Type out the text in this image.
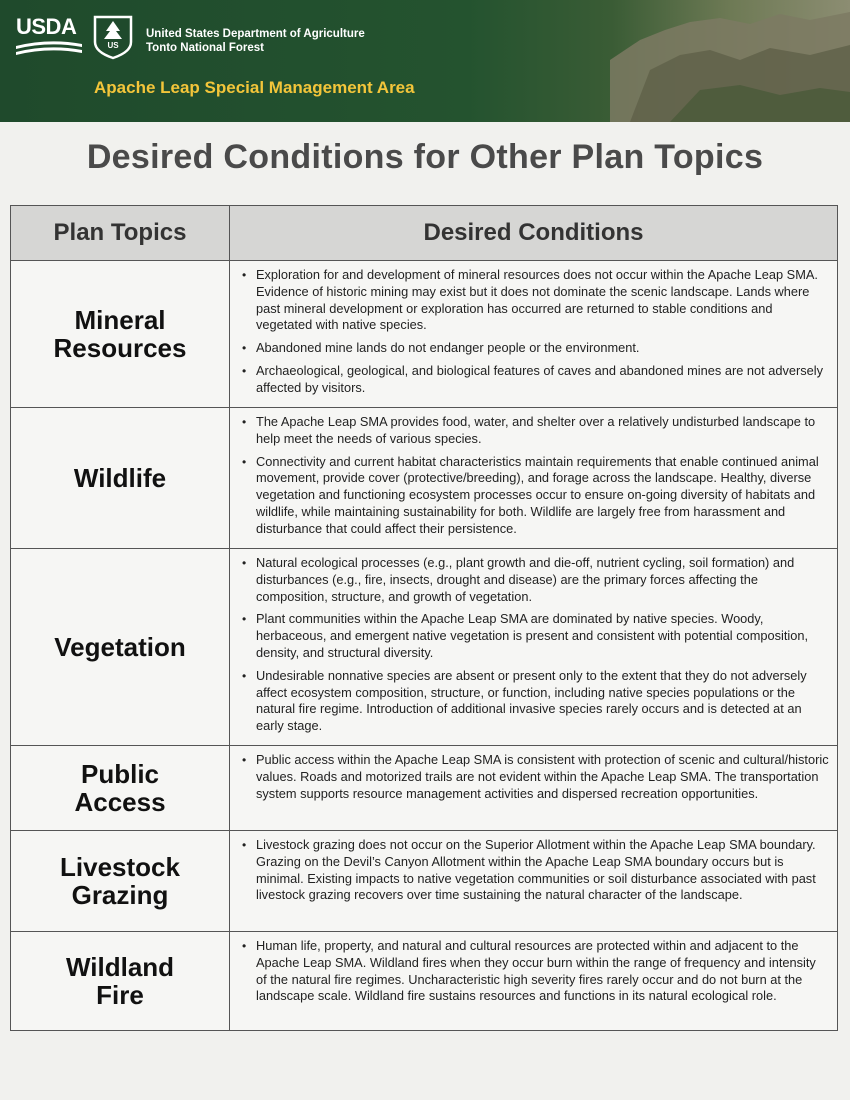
USDA
US
United States Department of Agriculture
Tonto National Forest
Apache Leap Special Management Area
Desired Conditions for Other Plan Topics
Plan Topics	Desired Conditions
Mineral Resources
• Exploration for and development of mineral resources does not occur within the Apache Leap SMA. Evidence of historic mining may exist but it does not dominate the scenic landscape. Lands where past mineral development or exploration has occurred are returned to stable conditions and vegetated with native species.
• Abandoned mine lands do not endanger people or the environment.
• Archaeological, geological, and biological features of caves and abandoned mines are not adversely affected by visitors.
Wildlife
• The Apache Leap SMA provides food, water, and shelter over a relatively undisturbed landscape to help meet the needs of various species.
• Connectivity and current habitat characteristics maintain requirements that enable continued animal movement, provide cover (protective/breeding), and forage across the landscape. Healthy, diverse vegetation and functioning ecosystem processes occur to ensure on-going diversity of habitats and wildlife, while maintaining sustainability for both. Wildlife are largely free from harassment and disturbance that could affect their persistence.
Vegetation
• Natural ecological processes (e.g., plant growth and die-off, nutrient cycling, soil formation) and disturbances (e.g., fire, insects, drought and disease) are the primary forces affecting the composition, structure, and growth of vegetation.
• Plant communities within the Apache Leap SMA are dominated by native species. Woody, herbaceous, and emergent native vegetation is present and consistent with potential composition, density, and structural diversity.
• Undesirable nonnative species are absent or present only to the extent that they do not adversely affect ecosystem composition, structure, or function, including native species populations or the natural fire regime. Introduction of additional invasive species rarely occurs and is detected at an early stage.
Public Access
• Public access within the Apache Leap SMA is consistent with protection of scenic and cultural/historic values. Roads and motorized trails are not evident within the Apache Leap SMA. The transportation system supports resource management activities and dispersed recreation opportunities.
Livestock Grazing
• Livestock grazing does not occur on the Superior Allotment within the Apache Leap SMA boundary. Grazing on the Devil’s Canyon Allotment within the Apache Leap SMA boundary occurs but is minimal. Existing impacts to native vegetation communities or soil disturbance associated with past livestock grazing recovers over time sustaining the natural character of the landscape.
Wildland Fire
• Human life, property, and natural and cultural resources are protected within and adjacent to the Apache Leap SMA. Wildland fires when they occur burn within the range of frequency and intensity of the natural fire regimes. Uncharacteristic high severity fires rarely occur and do not burn at the landscape scale. Wildland fire sustains resources and functions in its natural ecological role.
